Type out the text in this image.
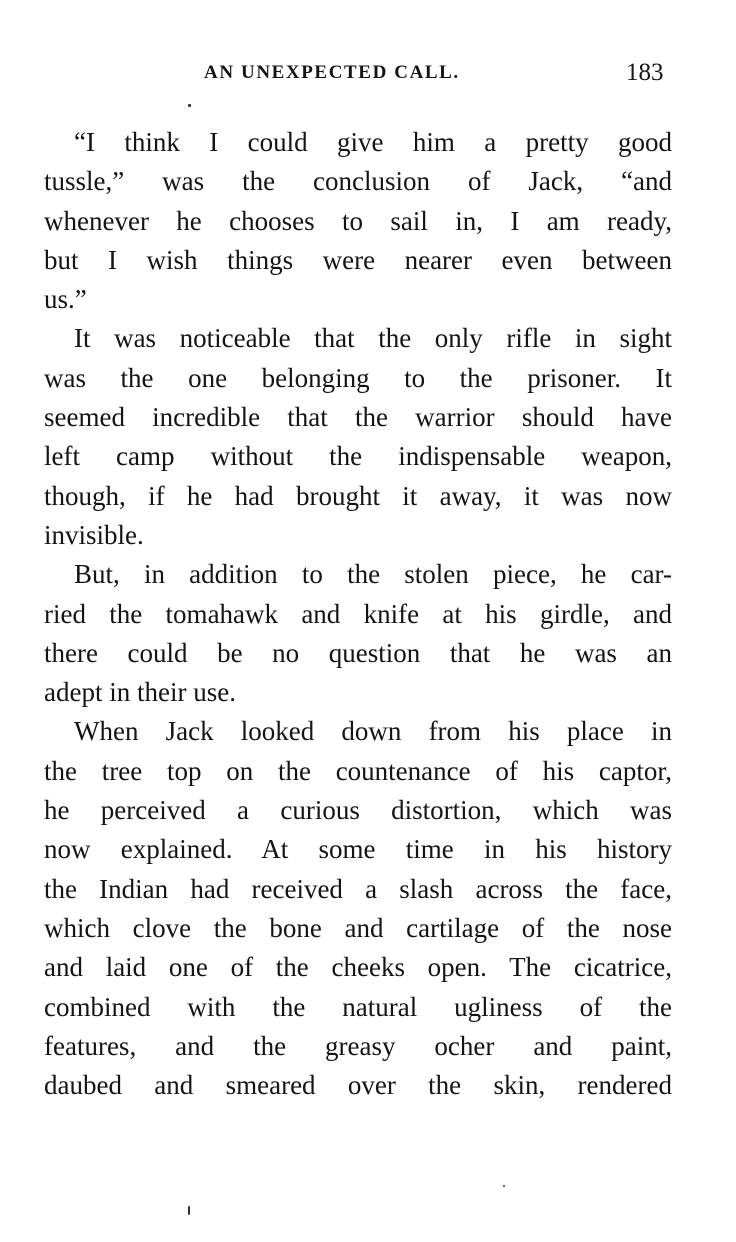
AN UNEXPECTED CALL.	183
“I think I could give him a pretty good
tussle,” was the conclusion of Jack, “and
whenever he chooses to sail in, I am ready,
but I wish things were nearer even between
us.”
It was noticeable that the only rifle in sight
was the one belonging to the prisoner. It
seemed incredible that the warrior should have
left camp without the indispensable weapon,
though, if he had brought it away, it was now
invisible.
But, in addition to the stolen piece, he car-
ried the tomahawk and knife at his girdle, and
there could be no question that he was an
adept in their use.
When Jack looked down from his place in
the tree top on the countenance of his captor,
he perceived a curious distortion, which was
now explained. At some time in his history
the Indian had received a slash across the face,
which clove the bone and cartilage of the nose
and laid one of the cheeks open. The cicatrice,
combined with the natural ugliness of the
features, and the greasy ocher and paint,
daubed and smeared over the skin, rendered
